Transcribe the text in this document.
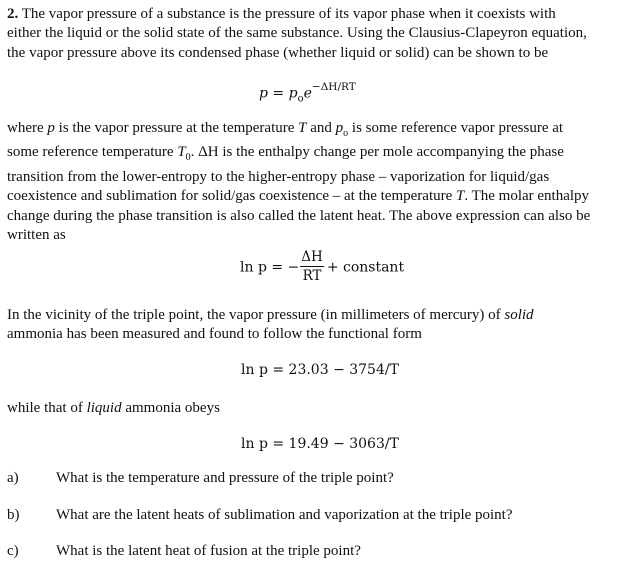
2. The vapor pressure of a substance is the pressure of its vapor phase when it coexists with
either the liquid or the solid state of the same substance. Using the Clausius-Clapeyron equation,
the vapor pressure above its condensed phase (whether liquid or solid) can be shown to be

$p = p_oe^{-\Delta H/RT}$

where p is the vapor pressure at the temperature T and $p_o$ is some reference vapor pressure at
some reference temperature $T_0$. ΔH is the enthalpy change per mole accompanying the phase
transition from the lower-entropy to the higher-entropy phase – vaporization for liquid/gas
coexistence and sublimation for solid/gas coexistence – at the temperature T. The molar enthalpy
change during the phase transition is also called the latent heat. The above expression can also be
written as

ln p = − $\frac{\Delta H}{RT}$ + constant

In the vicinity of the triple point, the vapor pressure (in millimeters of mercury) of solid
ammonia has been measured and found to follow the functional form

ln p = 23.03 − 3754/T

while that of liquid ammonia obeys

ln p = 19.49 − 3063/T
a) What is the temperature and pressure of the triple point?
b) What are the latent heats of sublimation and vaporization at the triple point?
c) What is the latent heat of fusion at the triple point?
